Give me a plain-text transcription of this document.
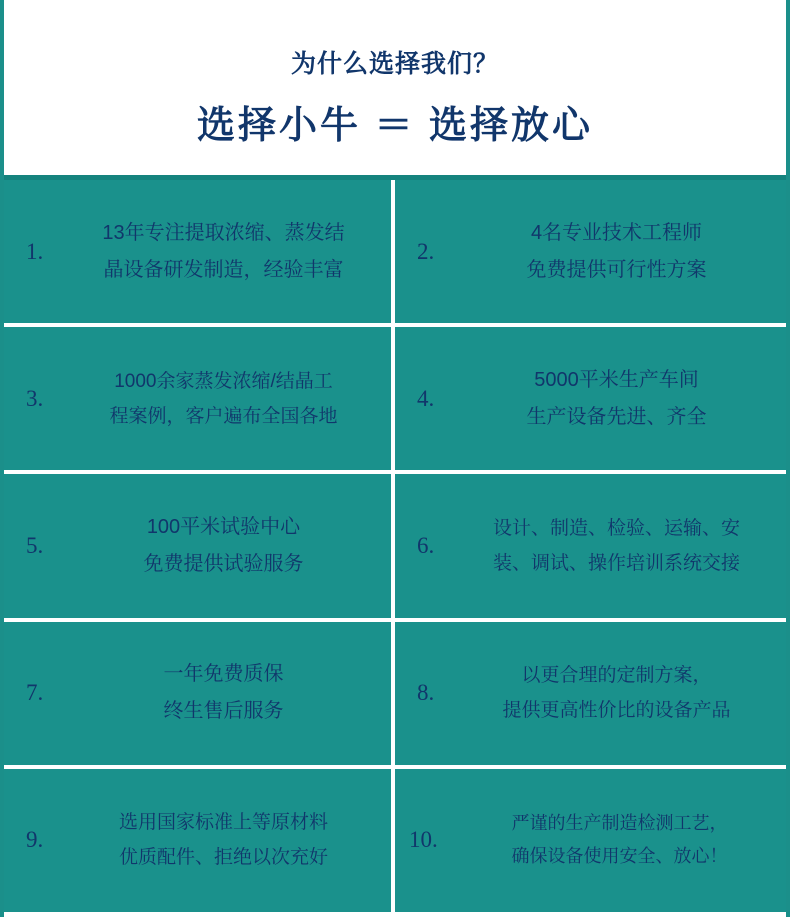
为什么选择我们？
选择小牛 ＝ 选择放心
1.
13年专注提取浓缩、蒸发结
晶设备研发制造，经验丰富
2.
4名专业技术工程师
免费提供可行性方案
3.
1000余家蒸发浓缩/结晶工
程案例，客户遍布全国各地
4.
5000平米生产车间
生产设备先进、齐全
5.
100平米试验中心
免费提供试验服务
6.
设计、制造、检验、运输、安
装、调试、操作培训系统交接
7.
一年免费质保
终生售后服务
8.
以更合理的定制方案，
提供更高性价比的设备产品
9.
选用国家标准上等原材料
优质配件、拒绝以次充好
10.
严谨的生产制造检测工艺，
确保设备使用安全、放心！
